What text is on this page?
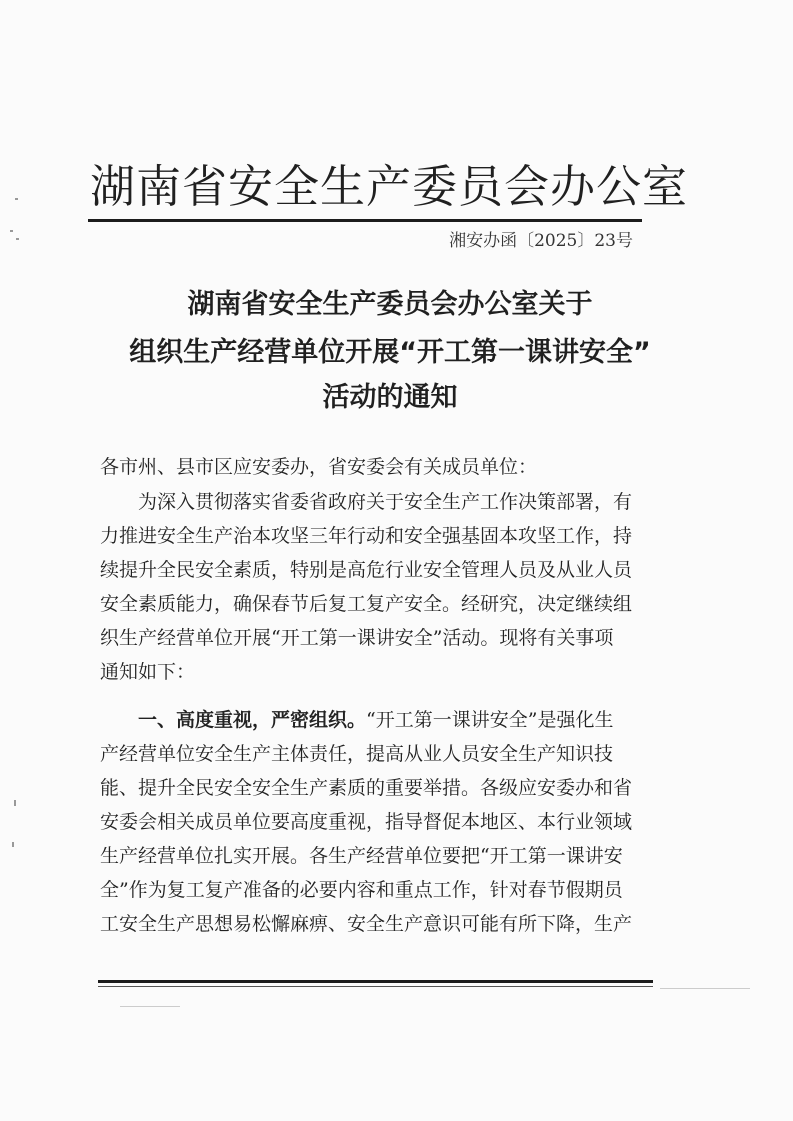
湖南省安全生产委员会办公室
湘安办函〔2025〕23号
湖南省安全生产委员会办公室关于
组织生产经营单位开展“开工第一课讲安全”
活动的通知
各市州、县市区应安委办，省安委会有关成员单位：
为深入贯彻落实省委省政府关于安全生产工作决策部署，有
力推进安全生产治本攻坚三年行动和安全强基固本攻坚工作，持
续提升全民安全素质，特别是高危行业安全管理人员及从业人员
安全素质能力，确保春节后复工复产安全。经研究，决定继续组
织生产经营单位开展“开工第一课讲安全”活动。现将有关事项
通知如下：
一、高度重视，严密组织。“开工第一课讲安全”是强化生
产经营单位安全生产主体责任，提高从业人员安全生产知识技
能、提升全民安全安全生产素质的重要举措。各级应安委办和省
安委会相关成员单位要高度重视，指导督促本地区、本行业领域
生产经营单位扎实开展。各生产经营单位要把“开工第一课讲安
全”作为复工复产准备的必要内容和重点工作，针对春节假期员
工安全生产思想易松懈麻痹、安全生产意识可能有所下降，生产
